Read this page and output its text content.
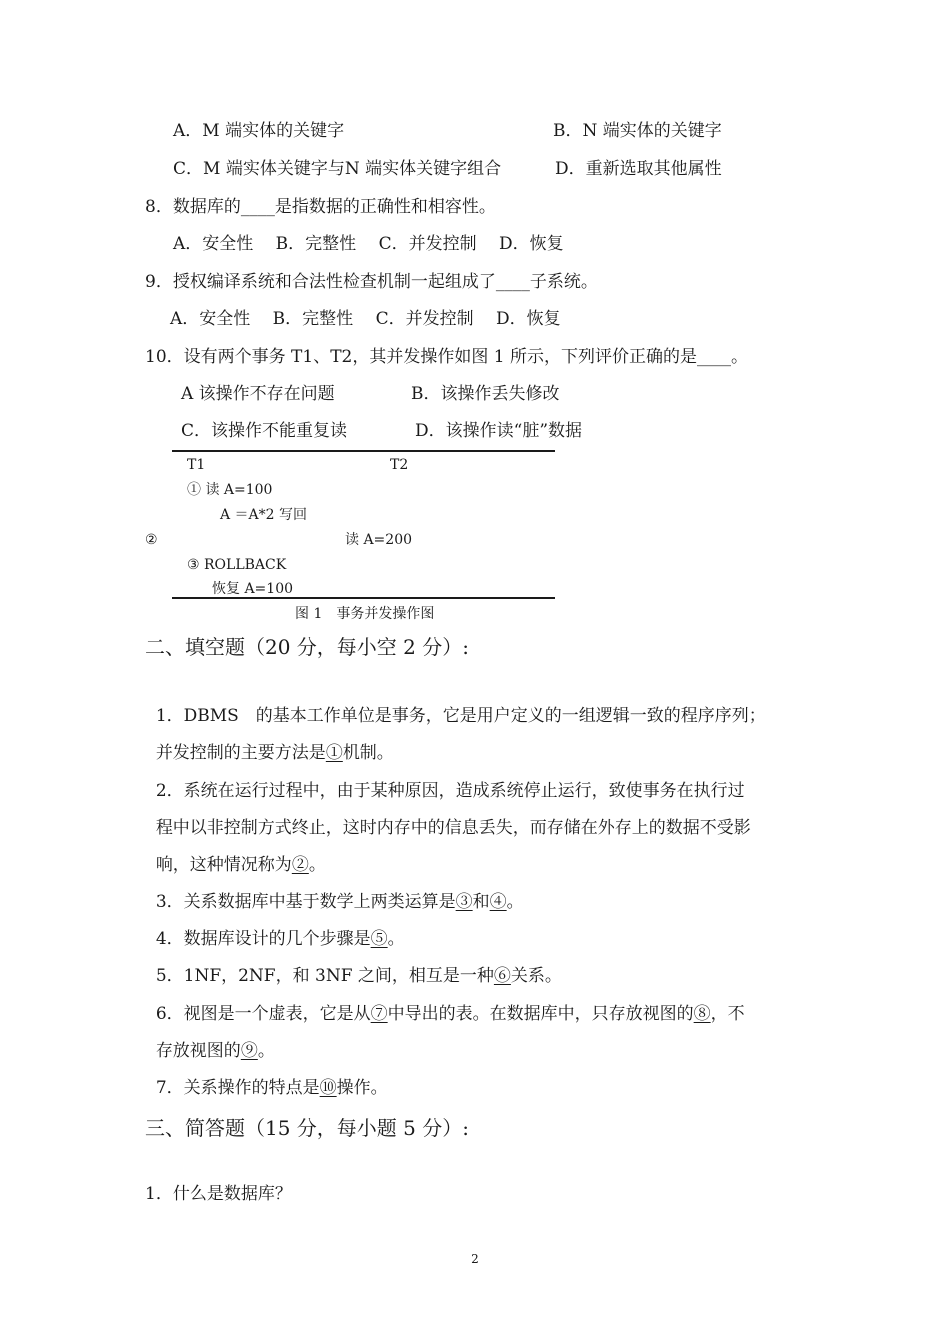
A．M 端实体的关键字	B．N 端实体的关键字
C．M 端实体关键字与N 端实体关键字组合	D．重新选取其他属性
8．数据库的____是指数据的正确性和相容性。
A．安全性　 B．完整性　 C．并发控制　 D．恢复
9．授权编译系统和合法性检查机制一起组成了____子系统。
A．安全性　 B．完整性　 C．并发控制　 D．恢复
10．设有两个事务 T1、T2，其并发操作如图 1 所示，下列评价正确的是____。
A 该操作不存在问题	B．该操作丢失修改
C．该操作不能重复读	D．该操作读“脏”数据
T1	T2
① 读 A=100
A ＝A*2 写回
②	读 A=200
③ ROLLBACK
恢复 A=100
图 1　事务并发操作图
二、填空题（20 分，每小空 2 分）:

1．DBMS　的基本工作单位是事务，它是用户定义的一组逻辑一致的程序序列；

并发控制的主要方法是①机制。

2．系统在运行过程中，由于某种原因，造成系统停止运行，致使事务在执行过

程中以非控制方式终止，这时内存中的信息丢失，而存储在外存上的数据不受影

响，这种情况称为②。

3．关系数据库中基于数学上两类运算是③和④。

4．数据库设计的几个步骤是⑤。

5．1NF，2NF，和 3NF 之间，相互是一种⑥关系。

6．视图是一个虚表，它是从⑦中导出的表。在数据库中，只存放视图的⑧，不

存放视图的⑨。

7．关系操作的特点是⑩操作。

三、简答题（15 分，每小题 5 分）:
1．什么是数据库？
2
